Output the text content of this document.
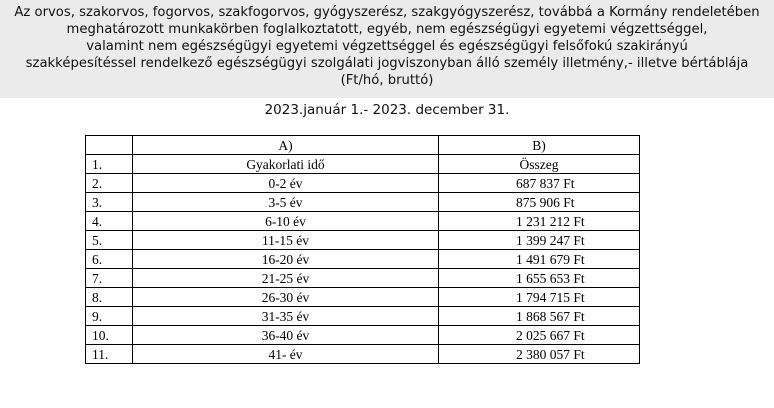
Az orvos, szakorvos, fogorvos, szakfogorvos, gyógyszerész, szakgyógyszerész, továbbá a Kormány rendeletében
meghatározott munkakörben foglalkoztatott, egyéb, nem egészségügyi egyetemi végzettséggel,
valamint nem egészségügyi egyetemi végzettséggel és egészségügyi felsőfokú szakirányú
szakképesítéssel rendelkező egészségügyi szolgálati jogviszonyban álló személy illetmény,- illetve bértáblája
(Ft/hó, bruttó)
2023.január 1.- 2023. december 31.
	A)	B)
1.	Gyakorlati idő	Összeg
2.	0-2 év	687 837 Ft
3.	3-5 év	875 906 Ft
4.	6-10 év	1 231 212 Ft
5.	11-15 év	1 399 247 Ft
6.	16-20 év	1 491 679 Ft
7.	21-25 év	1 655 653 Ft
8.	26-30 év	1 794 715 Ft
9.	31-35 év	1 868 567 Ft
10.	36-40 év	2 025 667 Ft
11.	41- év	2 380 057 Ft
